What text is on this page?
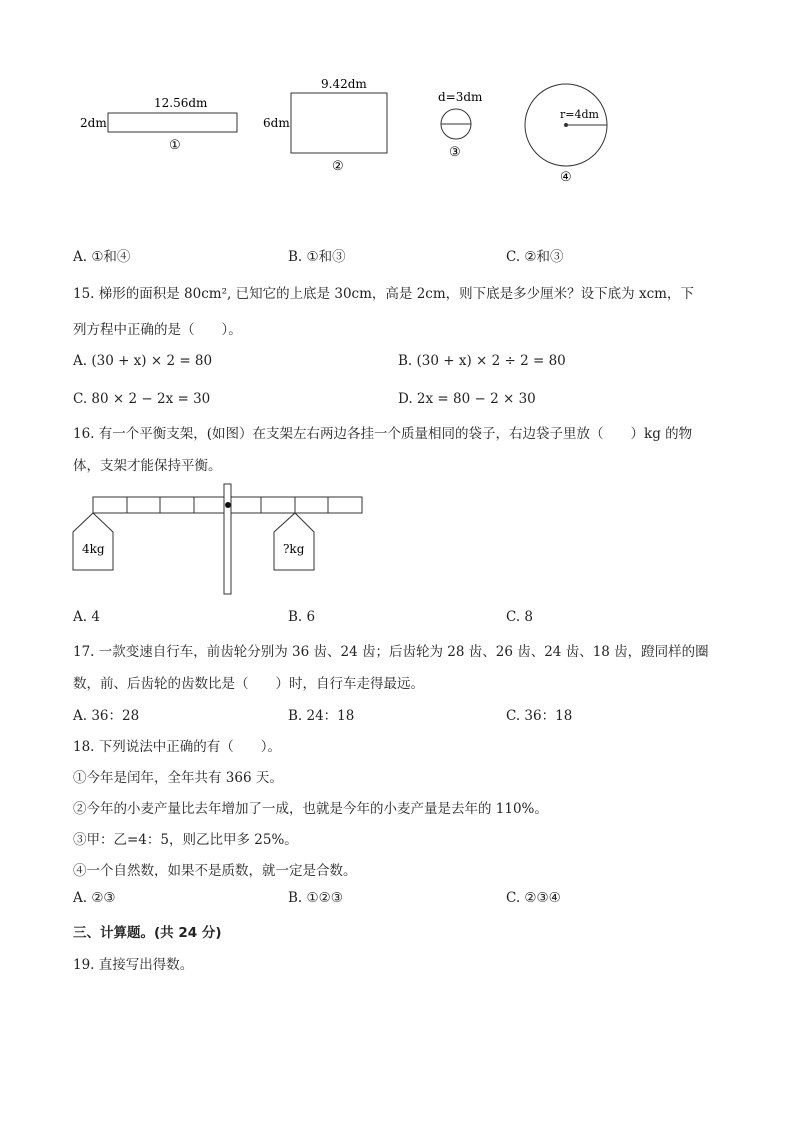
12.56dm
2dm
①
9.42dm
6dm
②
d=3dm
③
r=4dm
④
A. ①和④	B. ①和③	C. ②和③
15. 梯形的面积是 80cm², 已知它的上底是 30cm，高是 2cm，则下底是多少厘米？设下底为 xcm，下
列方程中正确的是（　　）。
A. (30 + x) × 2 = 80	B. (30 + x) × 2 ÷ 2 = 80
C. 80 × 2 − 2x = 30	D. 2x = 80 − 2 × 30
16. 有一个平衡支架，(如图）在支架左右两边各挂一个质量相同的袋子，右边袋子里放（　　）kg 的物
体，支架才能保持平衡。
4kg	?kg
A. 4	B. 6	C. 8
17. 一款变速自行车，前齿轮分别为 36 齿、24 齿；后齿轮为 28 齿、26 齿、24 齿、18 齿，蹬同样的圈
数，前、后齿轮的齿数比是（　　）时，自行车走得最远。
A. 36：28	B. 24：18	C. 36：18
18. 下列说法中正确的有（　　）。
①今年是闰年，全年共有 366 天。
②今年的小麦产量比去年增加了一成，也就是今年的小麦产量是去年的 110%。
③甲：乙=4：5，则乙比甲多 25%。
④一个自然数，如果不是质数，就一定是合数。
A. ②③	B. ①②③	C. ②③④
三、计算题。(共 24 分)
19. 直接写出得数。
